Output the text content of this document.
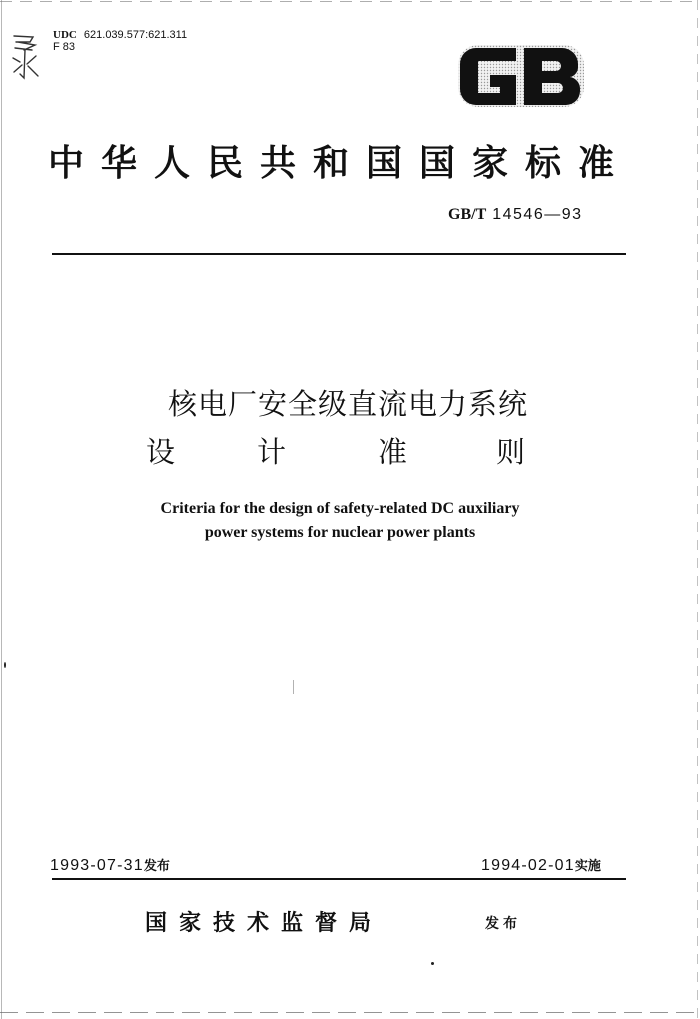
UDC 621.039.577:621.311
F 83
中华人民共和国国家标准
GB/T 14546—93
核电厂安全级直流电力系统
设	计	准	则
Criteria for the design of safety-related DC auxiliary
power systems for nuclear power plants
1993-07-31发布	1994-02-01实施
国家技术监督局	发布
